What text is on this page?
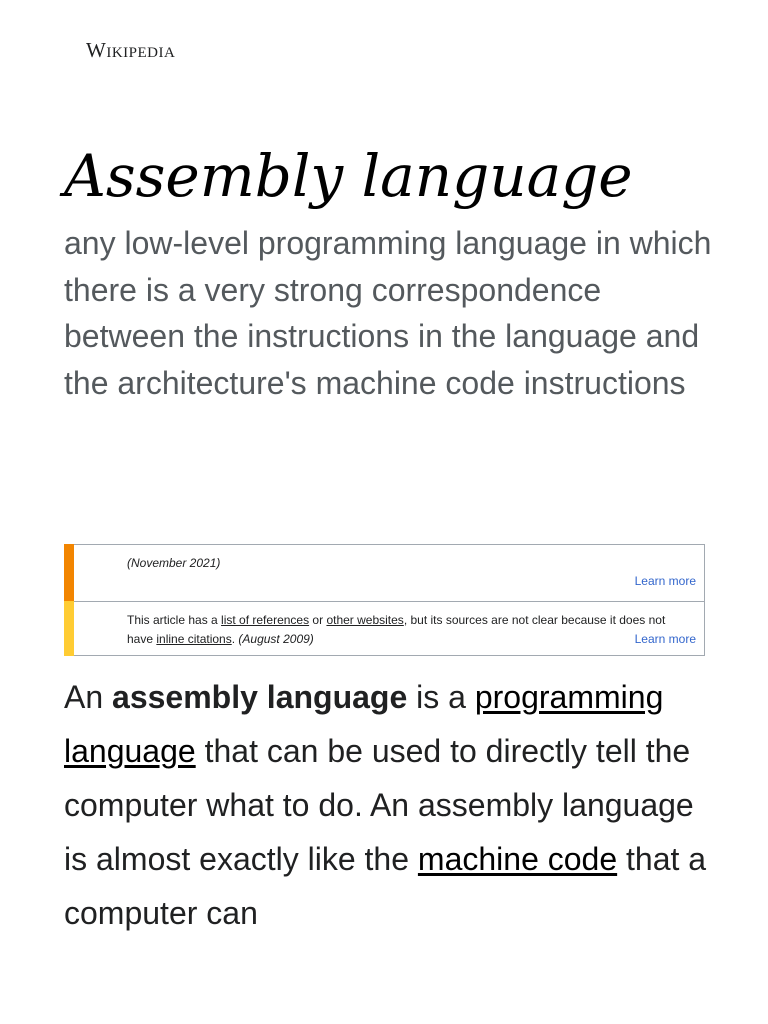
Wikipedia
Assembly language

any low-level programming language in which there is a very strong correspondence between the instructions in the language and the architecture's machine code instructions

(November 2021)
Learn more
This article has a list of references or other websites, but its sources are not clear because it does not have inline citations. (August 2009)	Learn more

An assembly language is a programming language that can be used to directly tell the computer what to do. An assembly language is almost exactly like the machine code that a computer can
